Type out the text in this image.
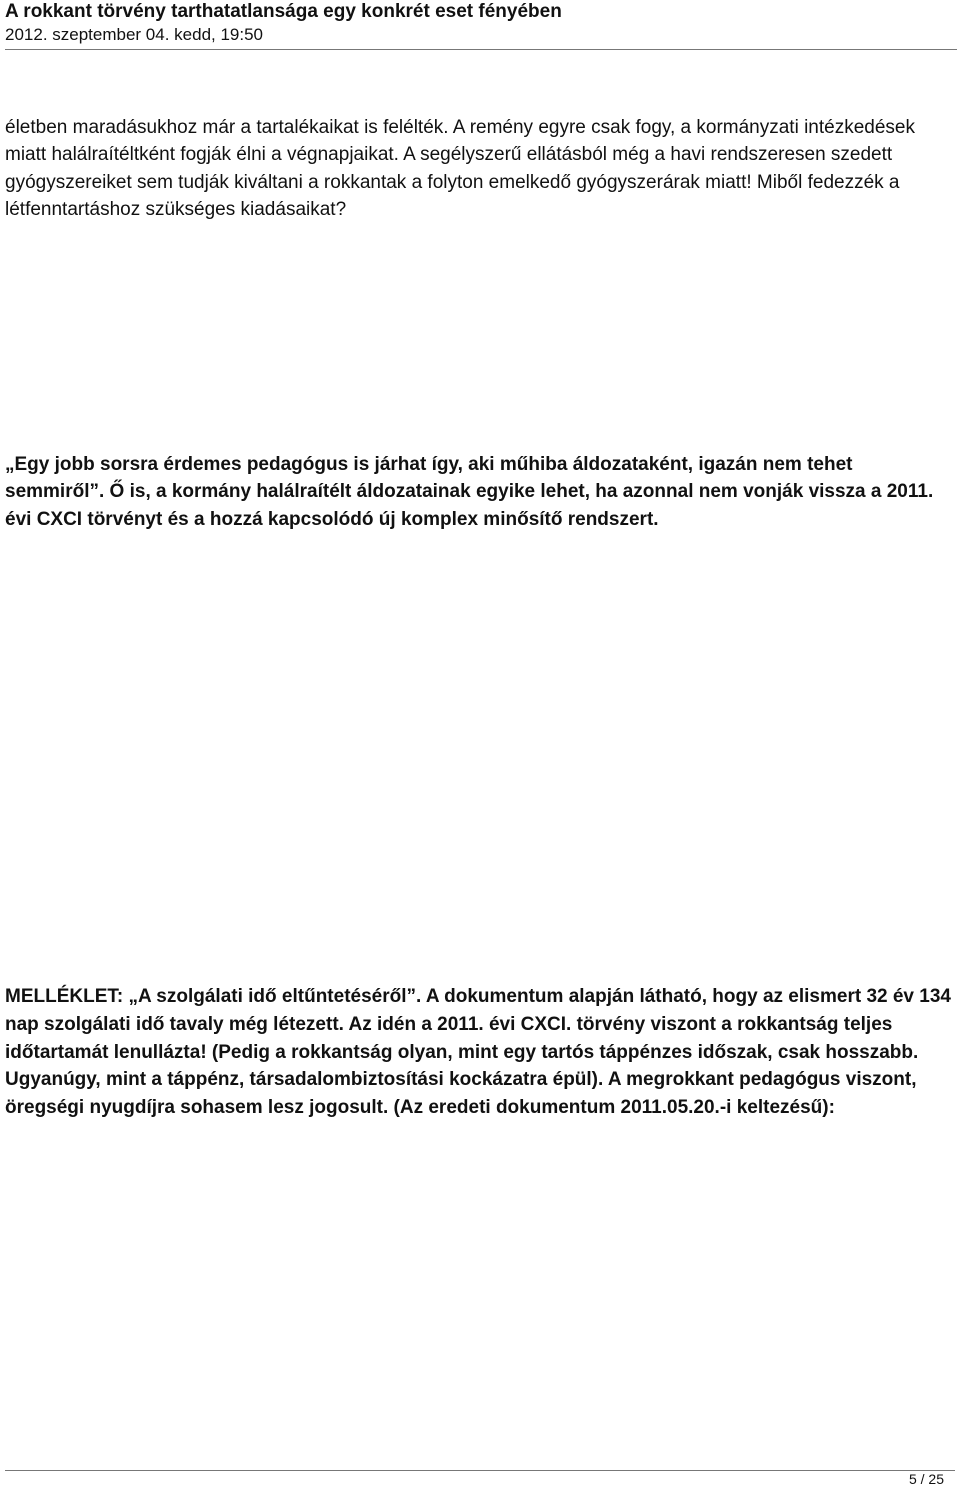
A rokkant törvény tarthatatlansága egy konkrét eset fényében
2012. szeptember 04. kedd, 19:50

életben maradásukhoz már a tartalékaikat is felélték. A remény egyre csak fogy, a kormányzati intézkedések miatt halálraítéltként fogják élni a végnapjaikat. A segélyszerű ellátásból még a havi rendszeresen szedett gyógyszereiket sem tudják kiváltani a rokkantak a folyton emelkedő gyógyszerárak miatt! Miből fedezzék a létfenntartáshoz szükséges kiadásaikat?

„Egy jobb sorsra érdemes pedagógus is járhat így, aki műhiba áldozataként, igazán nem tehet semmiről”. Ő is, a kormány halálraítélt áldozatainak egyike lehet, ha azonnal nem vonják vissza a 2011. évi CXCI törvényt és a hozzá kapcsolódó új komplex minősítő rendszert.

MELLÉKLET: „A szolgálati idő eltűntetéséről”. A dokumentum alapján látható, hogy az elismert 32 év 134 nap szolgálati idő tavaly még létezett. Az idén a 2011. évi CXCI. törvény viszont a rokkantság teljes időtartamát lenullázta! (Pedig a rokkantság olyan, mint egy tartós táppénzes időszak, csak hosszabb. Ugyanúgy, mint a táppénz, társadalombiztosítási kockázatra épül). A megrokkant pedagógus viszont, öregségi nyugdíjra sohasem lesz jogosult. (Az eredeti dokumentum 2011.05.20.-i keltezésű):

5 / 25
